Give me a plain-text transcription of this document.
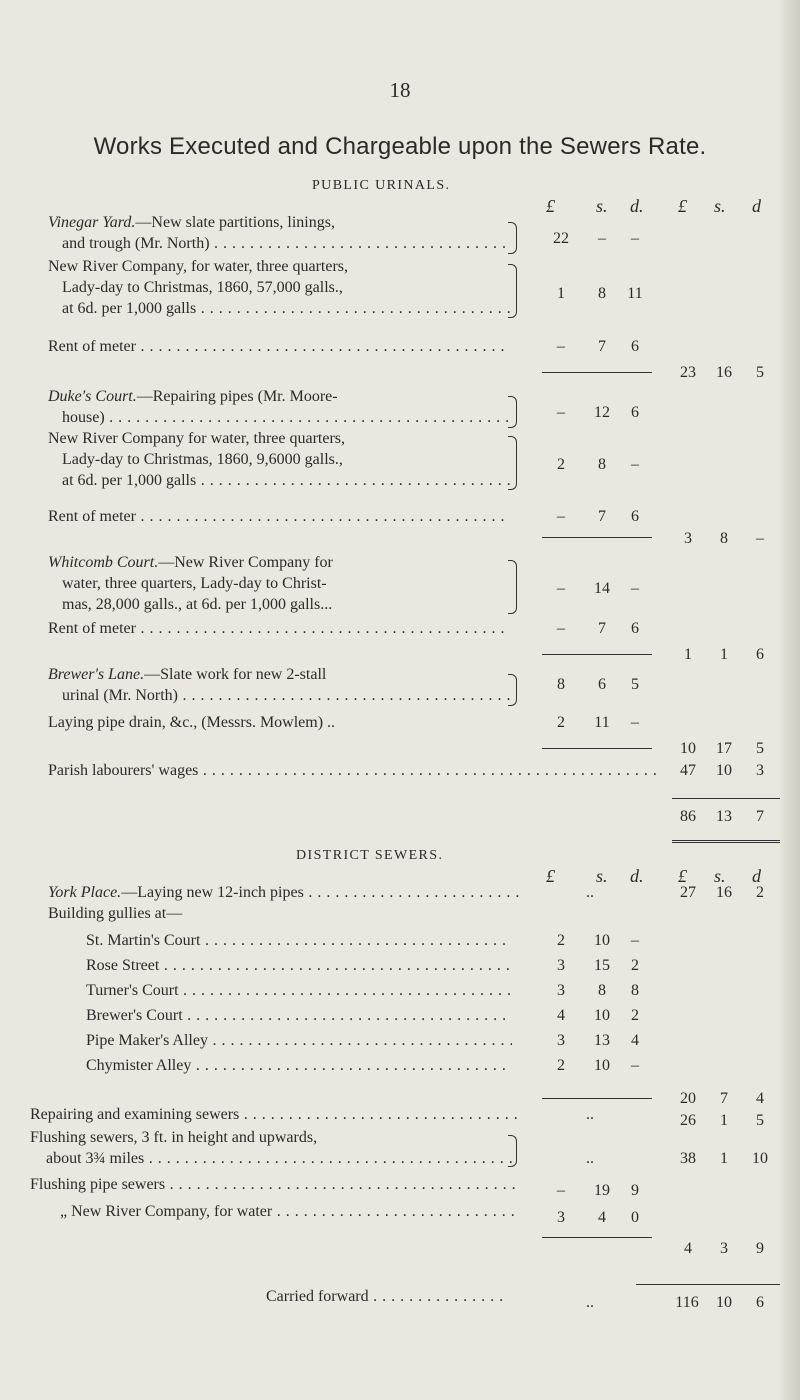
18
Works Executed and Chargeable upon the Sewers Rate.
PUBLIC URINALS.
£ s. d. £ s. d
Vinegar Yard.—New slate partitions, linings,
and trough (Mr. North) . . .	22	–	–
New River Company, for water, three quarters,
Lady-day to Christmas, 1860, 57,000 galls.,
at 6d. per 1,000 galls . . .
1	8	11
Rent of meter . . .	–	7	6
23 16	5
Duke's Court.—Repairing pipes (Mr. Moore-
house) . . .	–	12	6
New River Company for water, three quarters,
Lady-day to Christmas, 1860, 9,6000 galls.,
at 6d. per 1,000 galls . . .
2	8	–
Rent of meter . . .	–	7	6
3	8	–
Whitcomb Court.—New River Company for
water, three quarters, Lady-day to Christ-
mas, 28,000 galls., at 6d. per 1,000 galls...
–	14	–
Rent of meter . . .	–	7	6
1	1	6
Brewer's Lane.—Slate work for new 2-stall
urinal (Mr. North) . . .
8	6	5
Laying pipe drain, &c., (Messrs. Mowlem) ..	2	11	–
10 17	5
Parish labourers' wages . . .	47 10	3
86 13	7
DISTRICT SEWERS.
£ s. d. £ s. d
York Place.—Laying new 12-inch pipes . . .	..	27 16	2
Building gullies at—
St. Martin's Court . . .	2	10	–
Rose Street . . .	3	15	2
Turner's Court . . .	3	8	8
Brewer's Court . . .	4	10	2
Pipe Maker's Alley . . .	3	13	4
Chymister Alley . . .	2	10	–
20	7	4
Repairing and examining sewers . . .	..	26	1	5
Flushing sewers, 3 ft. in height and upwards,
about 3¾ miles . . .	..	38	1	10
Flushing pipe sewers . . .	–	19	9
„ New River Company, for water . . .	3	4	0
4	3	9
Carried forward . . .	..	116	10	6
